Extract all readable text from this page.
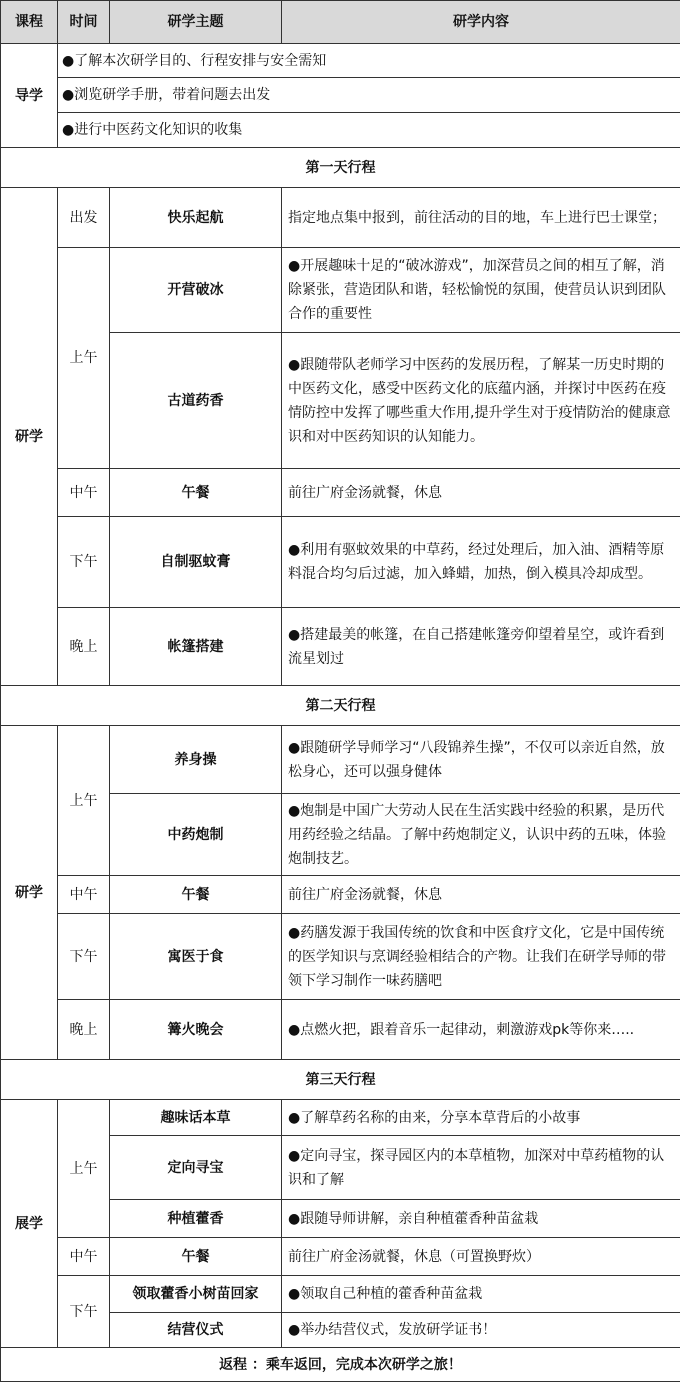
课程	时间	研学主题	研学内容
导学	●了解本次研学目的、行程安排与安全需知		
	●浏览研学手册，带着问题去出发		
	●进行中医药文化知识的收集		
第一天行程			
研学	出发	快乐起航	指定地点集中报到，前往活动的目的地，车上进行巴士课堂；
	上午	开营破冰	●开展趣味十足的“破冰游戏”，加深营员之间的相互了解，消除紧张，营造团队和谐，轻松愉悦的氛围，使营员认识到团队合作的重要性
		古道药香	●跟随带队老师学习中医药的发展历程，了解某一历史时期的中医药文化，感受中医药文化的底蕴内涵，并探讨中医药在疫情防控中发挥了哪些重大作用,提升学生对于疫情防治的健康意识和对中医药知识的认知能力。
	中午	午餐	前往广府金汤就餐，休息
	下午	自制驱蚊膏	●利用有驱蚊效果的中草药，经过处理后，加入油、酒精等原料混合均匀后过滤，加入蜂蜡，加热，倒入模具冷却成型。
	晚上	帐篷搭建	●搭建最美的帐篷，在自己搭建帐篷旁仰望着星空，或许看到流星划过
第二天行程			
研学	上午	养身操	●跟随研学导师学习“八段锦养生操”，不仅可以亲近自然，放松身心，还可以强身健体
		中药炮制	●炮制是中国广大劳动人民在生活实践中经验的积累，是历代用药经验之结晶。了解中药炮制定义，认识中药的五味，体验炮制技艺。
	中午	午餐	前往广府金汤就餐，休息
	下午	寓医于食	●药膳发源于我国传统的饮食和中医食疗文化，它是中国传统的医学知识与烹调经验相结合的产物。让我们在研学导师的带领下学习制作一味药膳吧
	晚上	篝火晚会	●点燃火把，跟着音乐一起律动，刺激游戏pk等你来…..
第三天行程			
展学	上午	趣味话本草	●了解草药名称的由来，分享本草背后的小故事
		定向寻宝	●定向寻宝，探寻园区内的本草植物，加深对中草药植物的认识和了解
		种植藿香	●跟随导师讲解，亲自种植藿香种苗盆栽
	中午	午餐	前往广府金汤就餐，休息（可置换野炊）
	下午	领取藿香小树苗回家	●领取自己种植的藿香种苗盆栽
		结营仪式	●举办结营仪式，发放研学证书！
返程 ：乘车返回，完成本次研学之旅！			
